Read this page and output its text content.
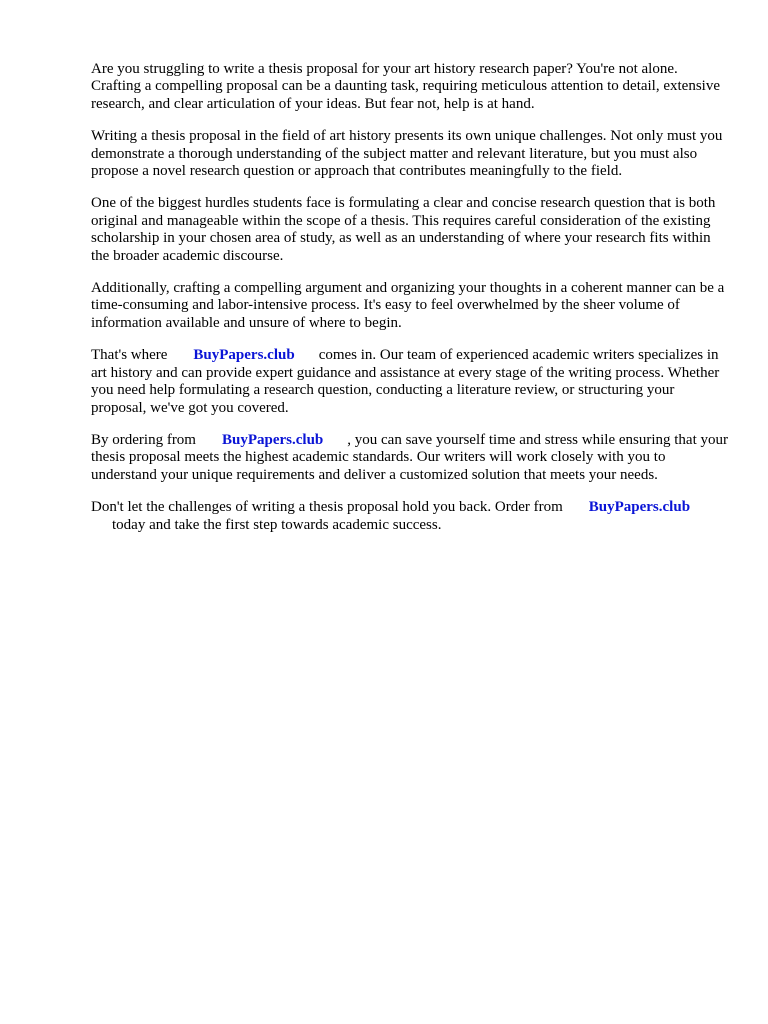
Are you struggling to write a thesis proposal for your art history research paper? You're not alone. Crafting a compelling proposal can be a daunting task, requiring meticulous attention to detail, extensive research, and clear articulation of your ideas. But fear not, help is at hand.

Writing a thesis proposal in the field of art history presents its own unique challenges. Not only must you demonstrate a thorough understanding of the subject matter and relevant literature, but you must also propose a novel research question or approach that contributes meaningfully to the field.

One of the biggest hurdles students face is formulating a clear and concise research question that is both original and manageable within the scope of a thesis. This requires careful consideration of the existing scholarship in your chosen area of study, as well as an understanding of where your research fits within the broader academic discourse.

Additionally, crafting a compelling argument and organizing your thoughts in a coherent manner can be a time-consuming and labor-intensive process. It's easy to feel overwhelmed by the sheer volume of information available and unsure of where to begin.

That's where BuyPapers.club comes in. Our team of experienced academic writers specializes in art history and can provide expert guidance and assistance at every stage of the writing process. Whether you need help formulating a research question, conducting a literature review, or structuring your proposal, we've got you covered.

By ordering from BuyPapers.club , you can save yourself time and stress while ensuring that your thesis proposal meets the highest academic standards. Our writers will work closely with you to understand your unique requirements and deliver a customized solution that meets your needs.

Don't let the challenges of writing a thesis proposal hold you back. Order from BuyPapers.club
today and take the first step towards academic success.
